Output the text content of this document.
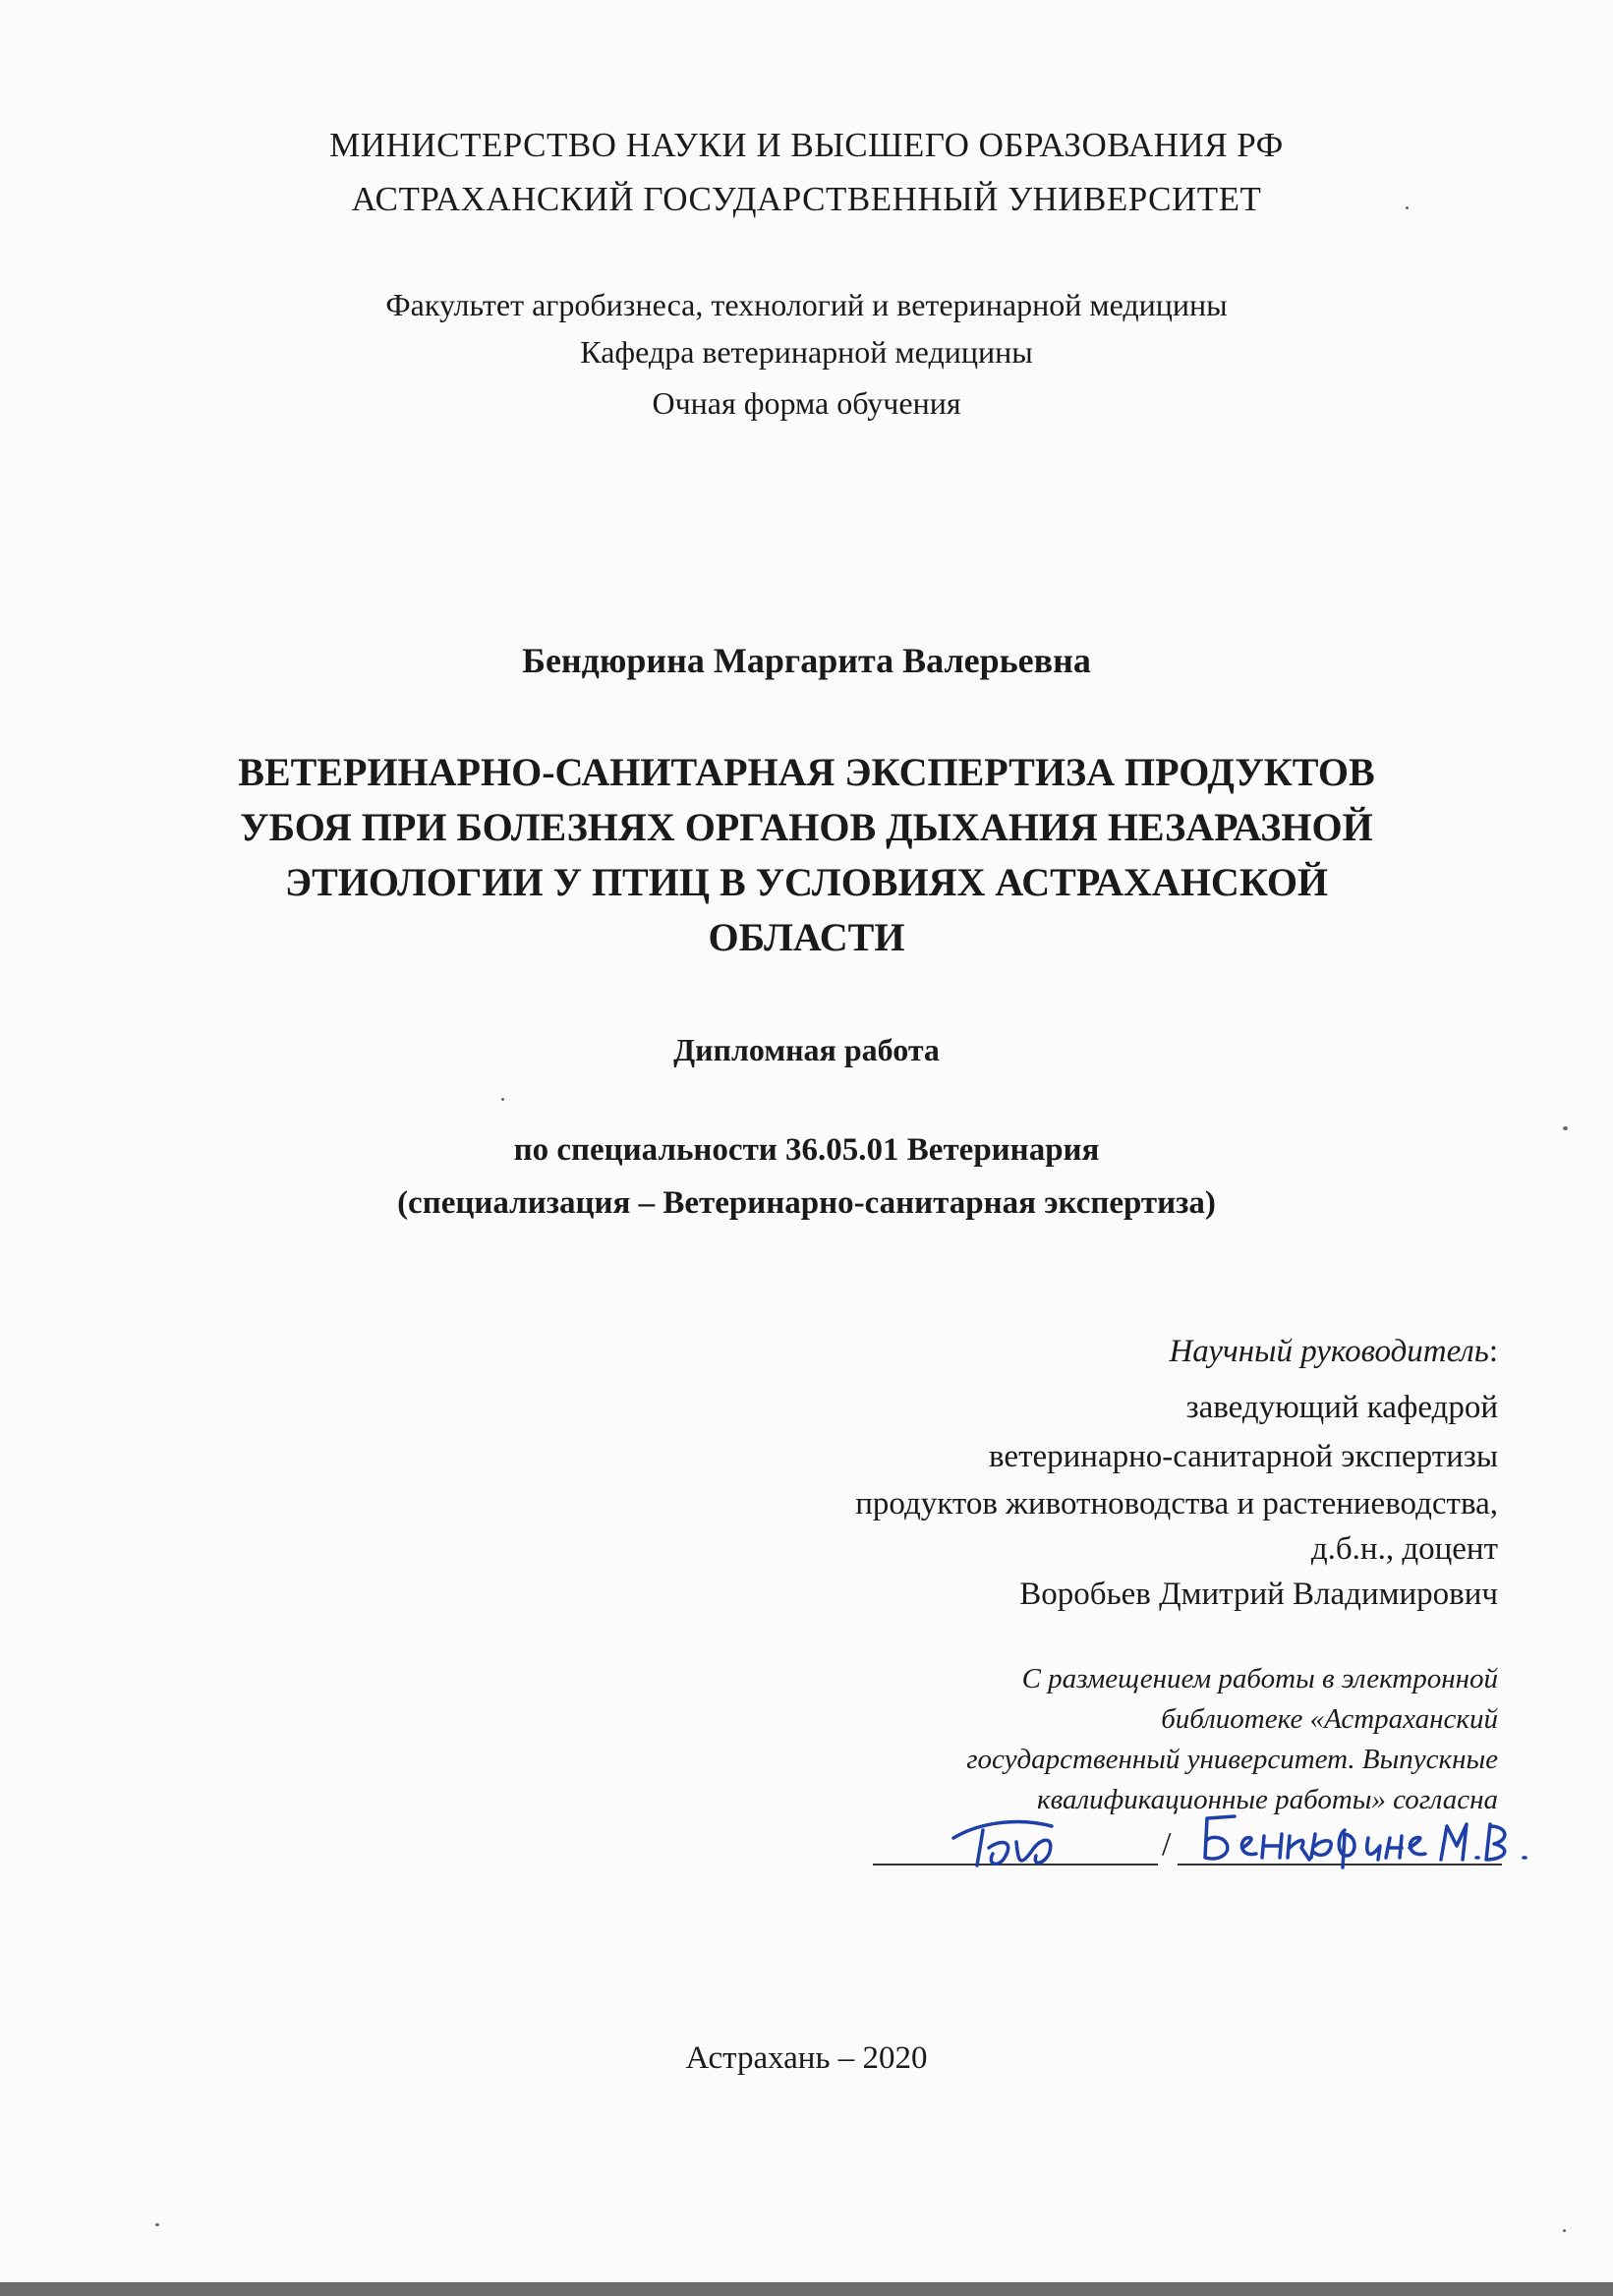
МИНИСТЕРСТВО НАУКИ И ВЫСШЕГО ОБРАЗОВАНИЯ РФ
АСТРАХАНСКИЙ ГОСУДАРСТВЕННЫЙ УНИВЕРСИТЕТ
Факультет агробизнеса, технологий и ветеринарной медицины
Кафедра ветеринарной медицины
Очная форма обучения
Бендюрина Маргарита Валерьевна
ВЕТЕРИНАРНО-САНИТАРНАЯ ЭКСПЕРТИЗА ПРОДУКТОВ
УБОЯ ПРИ БОЛЕЗНЯХ ОРГАНОВ ДЫХАНИЯ НЕЗАРАЗНОЙ
ЭТИОЛОГИИ У ПТИЦ В УСЛОВИЯХ АСТРАХАНСКОЙ
ОБЛАСТИ
Дипломная работа
по специальности 36.05.01 Ветеринария
(специализация – Ветеринарно-санитарная экспертиза)
Научный руководитель:
заведующий кафедрой
ветеринарно-санитарной экспертизы
продуктов животноводства и растениеводства,
д.б.н., доцент
Воробьев Дмитрий Владимирович
С размещением работы в электронной
библиотеке «Астраханский
государственный университет. Выпускные
квалификационные работы» согласна
/
Астрахань – 2020
